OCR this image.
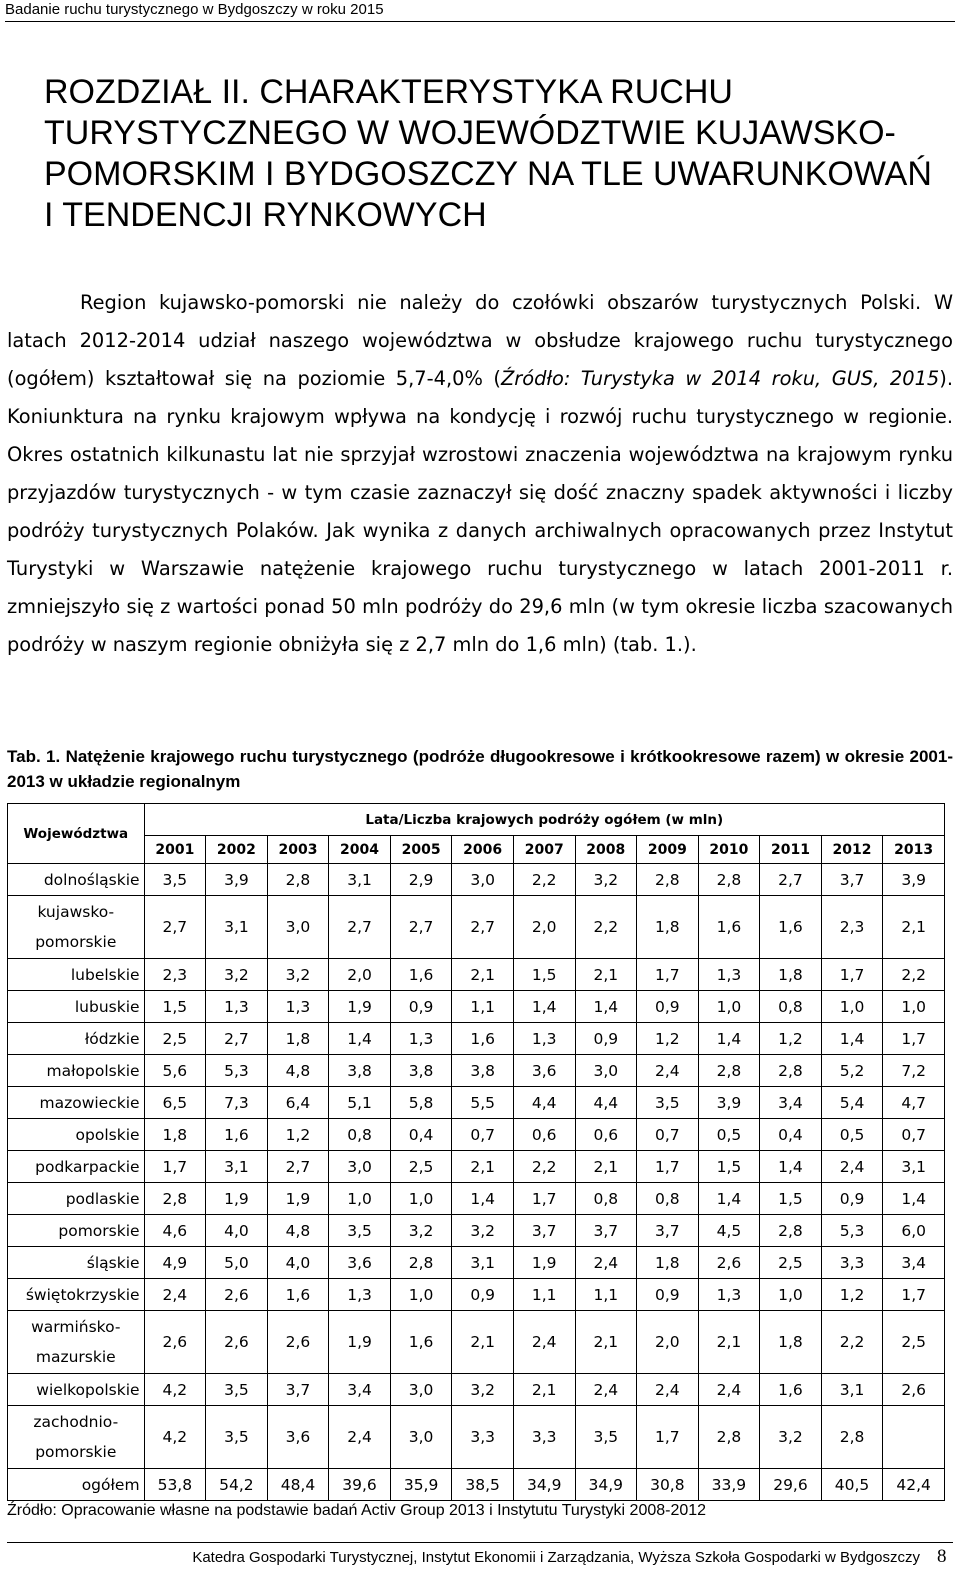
Badanie ruchu turystycznego w Bydgoszczy w roku 2015
ROZDZIAŁ II. CHARAKTERYSTYKA RUCHU TURYSTYCZNEGO W WOJEWÓDZTWIE KUJAWSKO-POMORSKIM I BYDGOSZCZY NA TLE UWARUNKOWAŃ I TENDENCJI RYNKOWYCH

Region kujawsko-pomorski nie należy do czołówki obszarów turystycznych Polski. W latach 2012-2014 udział naszego województwa w obsłudze krajowego ruchu turystycznego (ogółem) kształtował się na poziomie 5,7-4,0% (Źródło: Turystyka w 2014 roku, GUS, 2015). Koniunktura na rynku krajowym wpływa na kondycję i rozwój ruchu turystycznego w regionie. Okres ostatnich kilkunastu lat nie sprzyjał wzrostowi znaczenia województwa na krajowym rynku przyjazdów turystycznych - w tym czasie zaznaczył się dość znaczny spadek aktywności i liczby podróży turystycznych Polaków. Jak wynika z danych archiwalnych opracowanych przez Instytut Turystyki w Warszawie natężenie krajowego ruchu turystycznego w latach 2001-2011 r. zmniejszyło się z wartości ponad 50 mln podróży do 29,6 mln (w tym okresie liczba szacowanych podróży w naszym regionie obniżyła się z 2,7 mln do 1,6 mln) (tab. 1.).

Tab. 1. Natężenie krajowego ruchu turystycznego (podróże długookresowe i krótkookresowe razem) w okresie 2001-2013 w układzie regionalnym
Województwa	Lata/Liczba krajowych podróży ogółem (w mln)												
	2001	2002	2003	2004	2005	2006	2007	2008	2009	2010	2011	2012	2013
dolnośląskie	3,5	3,9	2,8	3,1	2,9	3,0	2,2	3,2	2,8	2,8	2,7	3,7	3,9
kujawsko-
pomorskie	2,7	3,1	3,0	2,7	2,7	2,7	2,0	2,2	1,8	1,6	1,6	2,3	2,1
lubelskie	2,3	3,2	3,2	2,0	1,6	2,1	1,5	2,1	1,7	1,3	1,8	1,7	2,2
lubuskie	1,5	1,3	1,3	1,9	0,9	1,1	1,4	1,4	0,9	1,0	0,8	1,0	1,0
łódzkie	2,5	2,7	1,8	1,4	1,3	1,6	1,3	0,9	1,2	1,4	1,2	1,4	1,7
małopolskie	5,6	5,3	4,8	3,8	3,8	3,8	3,6	3,0	2,4	2,8	2,8	5,2	7,2
mazowieckie	6,5	7,3	6,4	5,1	5,8	5,5	4,4	4,4	3,5	3,9	3,4	5,4	4,7
opolskie	1,8	1,6	1,2	0,8	0,4	0,7	0,6	0,6	0,7	0,5	0,4	0,5	0,7
podkarpackie	1,7	3,1	2,7	3,0	2,5	2,1	2,2	2,1	1,7	1,5	1,4	2,4	3,1
podlaskie	2,8	1,9	1,9	1,0	1,0	1,4	1,7	0,8	0,8	1,4	1,5	0,9	1,4
pomorskie	4,6	4,0	4,8	3,5	3,2	3,2	3,7	3,7	3,7	4,5	2,8	5,3	6,0
śląskie	4,9	5,0	4,0	3,6	2,8	3,1	1,9	2,4	1,8	2,6	2,5	3,3	3,4
świętokrzyskie	2,4	2,6	1,6	1,3	1,0	0,9	1,1	1,1	0,9	1,3	1,0	1,2	1,7
warmińsko-
mazurskie	2,6	2,6	2,6	1,9	1,6	2,1	2,4	2,1	2,0	2,1	1,8	2,2	2,5
wielkopolskie	4,2	3,5	3,7	3,4	3,0	3,2	2,1	2,4	2,4	2,4	1,6	3,1	2,6
zachodnio-
pomorskie	4,2	3,5	3,6	2,4	3,0	3,3	3,3	3,5	1,7	2,8	3,2	2,8	
ogółem	53,8	54,2	48,4	39,6	35,9	38,5	34,9	34,9	30,8	33,9	29,6	40,5	42,4
Źródło: Opracowanie własne na podstawie badań Activ Group 2013 i Instytutu Turystyki 2008-2012
Katedra Gospodarki Turystycznej, Instytut Ekonomii i Zarządzania, Wyższa Szkoła Gospodarki w Bydgoszczy 8
